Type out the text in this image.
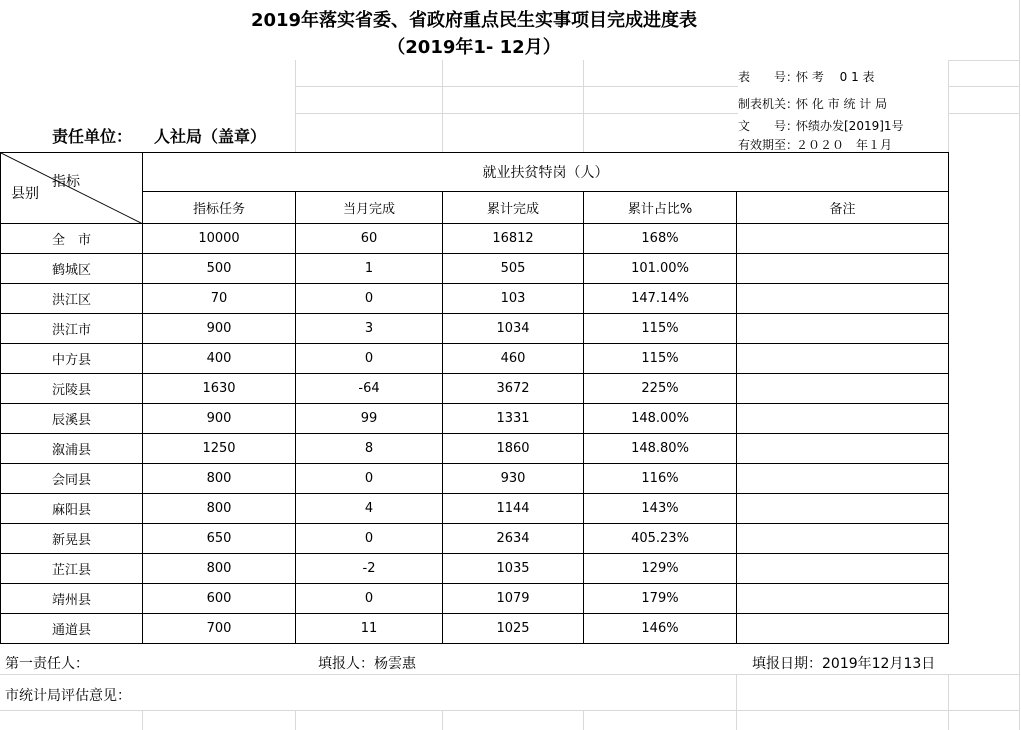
2019年落实省委、省政府重点民生实事项目完成进度表
（2019年1- 12月）
表　　号：怀 考 　0 1 表
制表机关：怀 化 市 统 计 局
文　　号：怀绩办发[2019]1号
有效期至：２０２０　年１月
责任单位： 人社局（盖章）
指标
县别	就业扶贫特岗（人）				
	指标任务	当月完成	累计完成	累计占比%	备注
全　市	10000	60	16812	168%	
鹤城区	500	1	505	101.00%	
洪江区	70	0	103	147.14%	
洪江市	900	3	1034	115%	
中方县	400	0	460	115%	
沅陵县	1630	-64	3672	225%	
辰溪县	900	99	1331	148.00%	
溆浦县	1250	8	1860	148.80%	
会同县	800	0	930	116%	
麻阳县	800	4	1144	143%	
新晃县	650	0	2634	405.23%	
芷江县	800	-2	1035	129%	
靖州县	600	0	1079	179%	
通道县	700	11	1025	146%	
第一责任人：	填报人：杨雲惠	填报日期：2019年12月13日
市统计局评估意见：
